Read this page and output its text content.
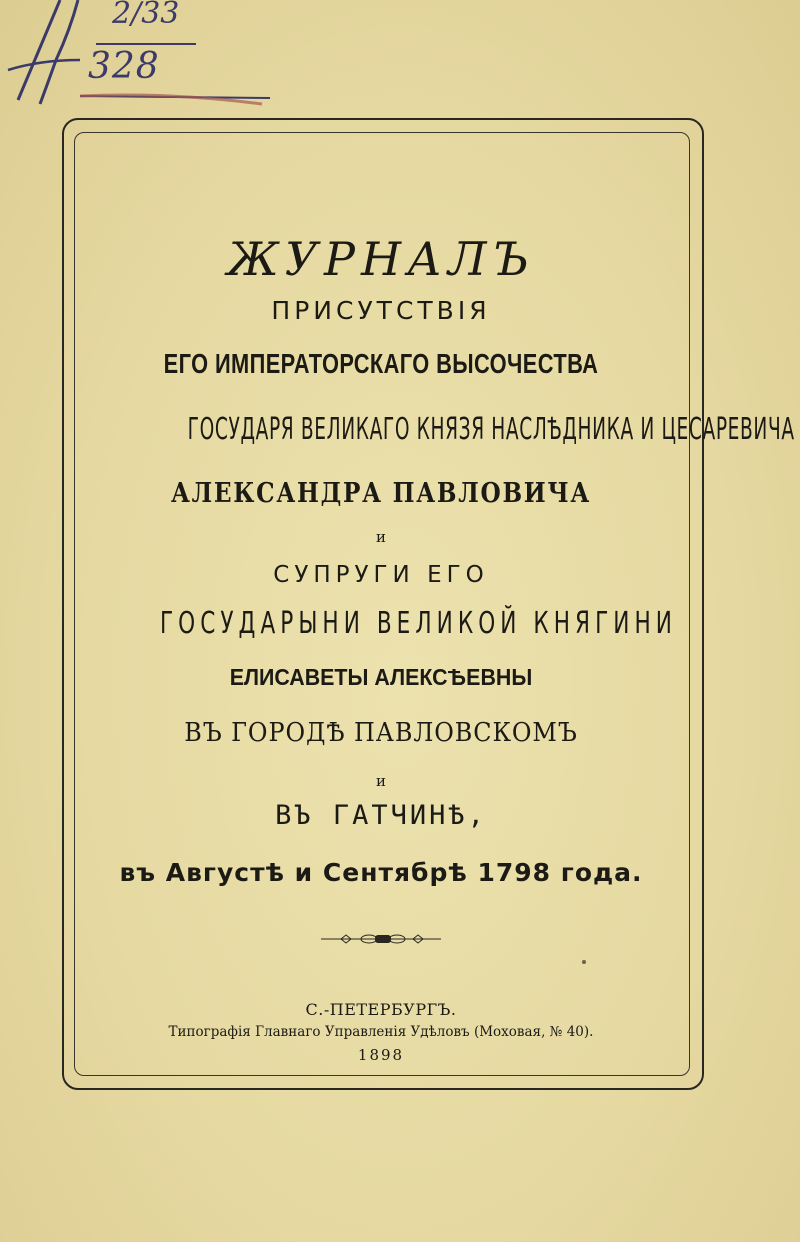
2/33
328
ЖУРНАЛЪ
ПРИСУТСТВІЯ
ЕГО ИМПЕРАТОРСКАГО ВЫСОЧЕСТВА
ГОСУДАРЯ ВЕЛИКАГО КНЯЗЯ НАСЛѢДНИКА И ЦЕСАРЕВИЧА
АЛЕКСАНДРА ПАВЛОВИЧА
и
СУПРУГИ ЕГО
ГОСУДАРЫНИ ВЕЛИКОЙ КНЯГИНИ
ЕЛИСАВЕТЫ АЛЕКСѢЕВНЫ
ВЪ ГОРОДѢ ПАВЛОВСКОМЪ
и
ВЪ ГАТЧИНѢ,
въ Августѣ и Сентябрѣ 1798 года.
С.-ПЕТЕРБУРГЪ.
Типографія Главнаго Управленія Удѣловъ (Моховая, № 40).
1898
